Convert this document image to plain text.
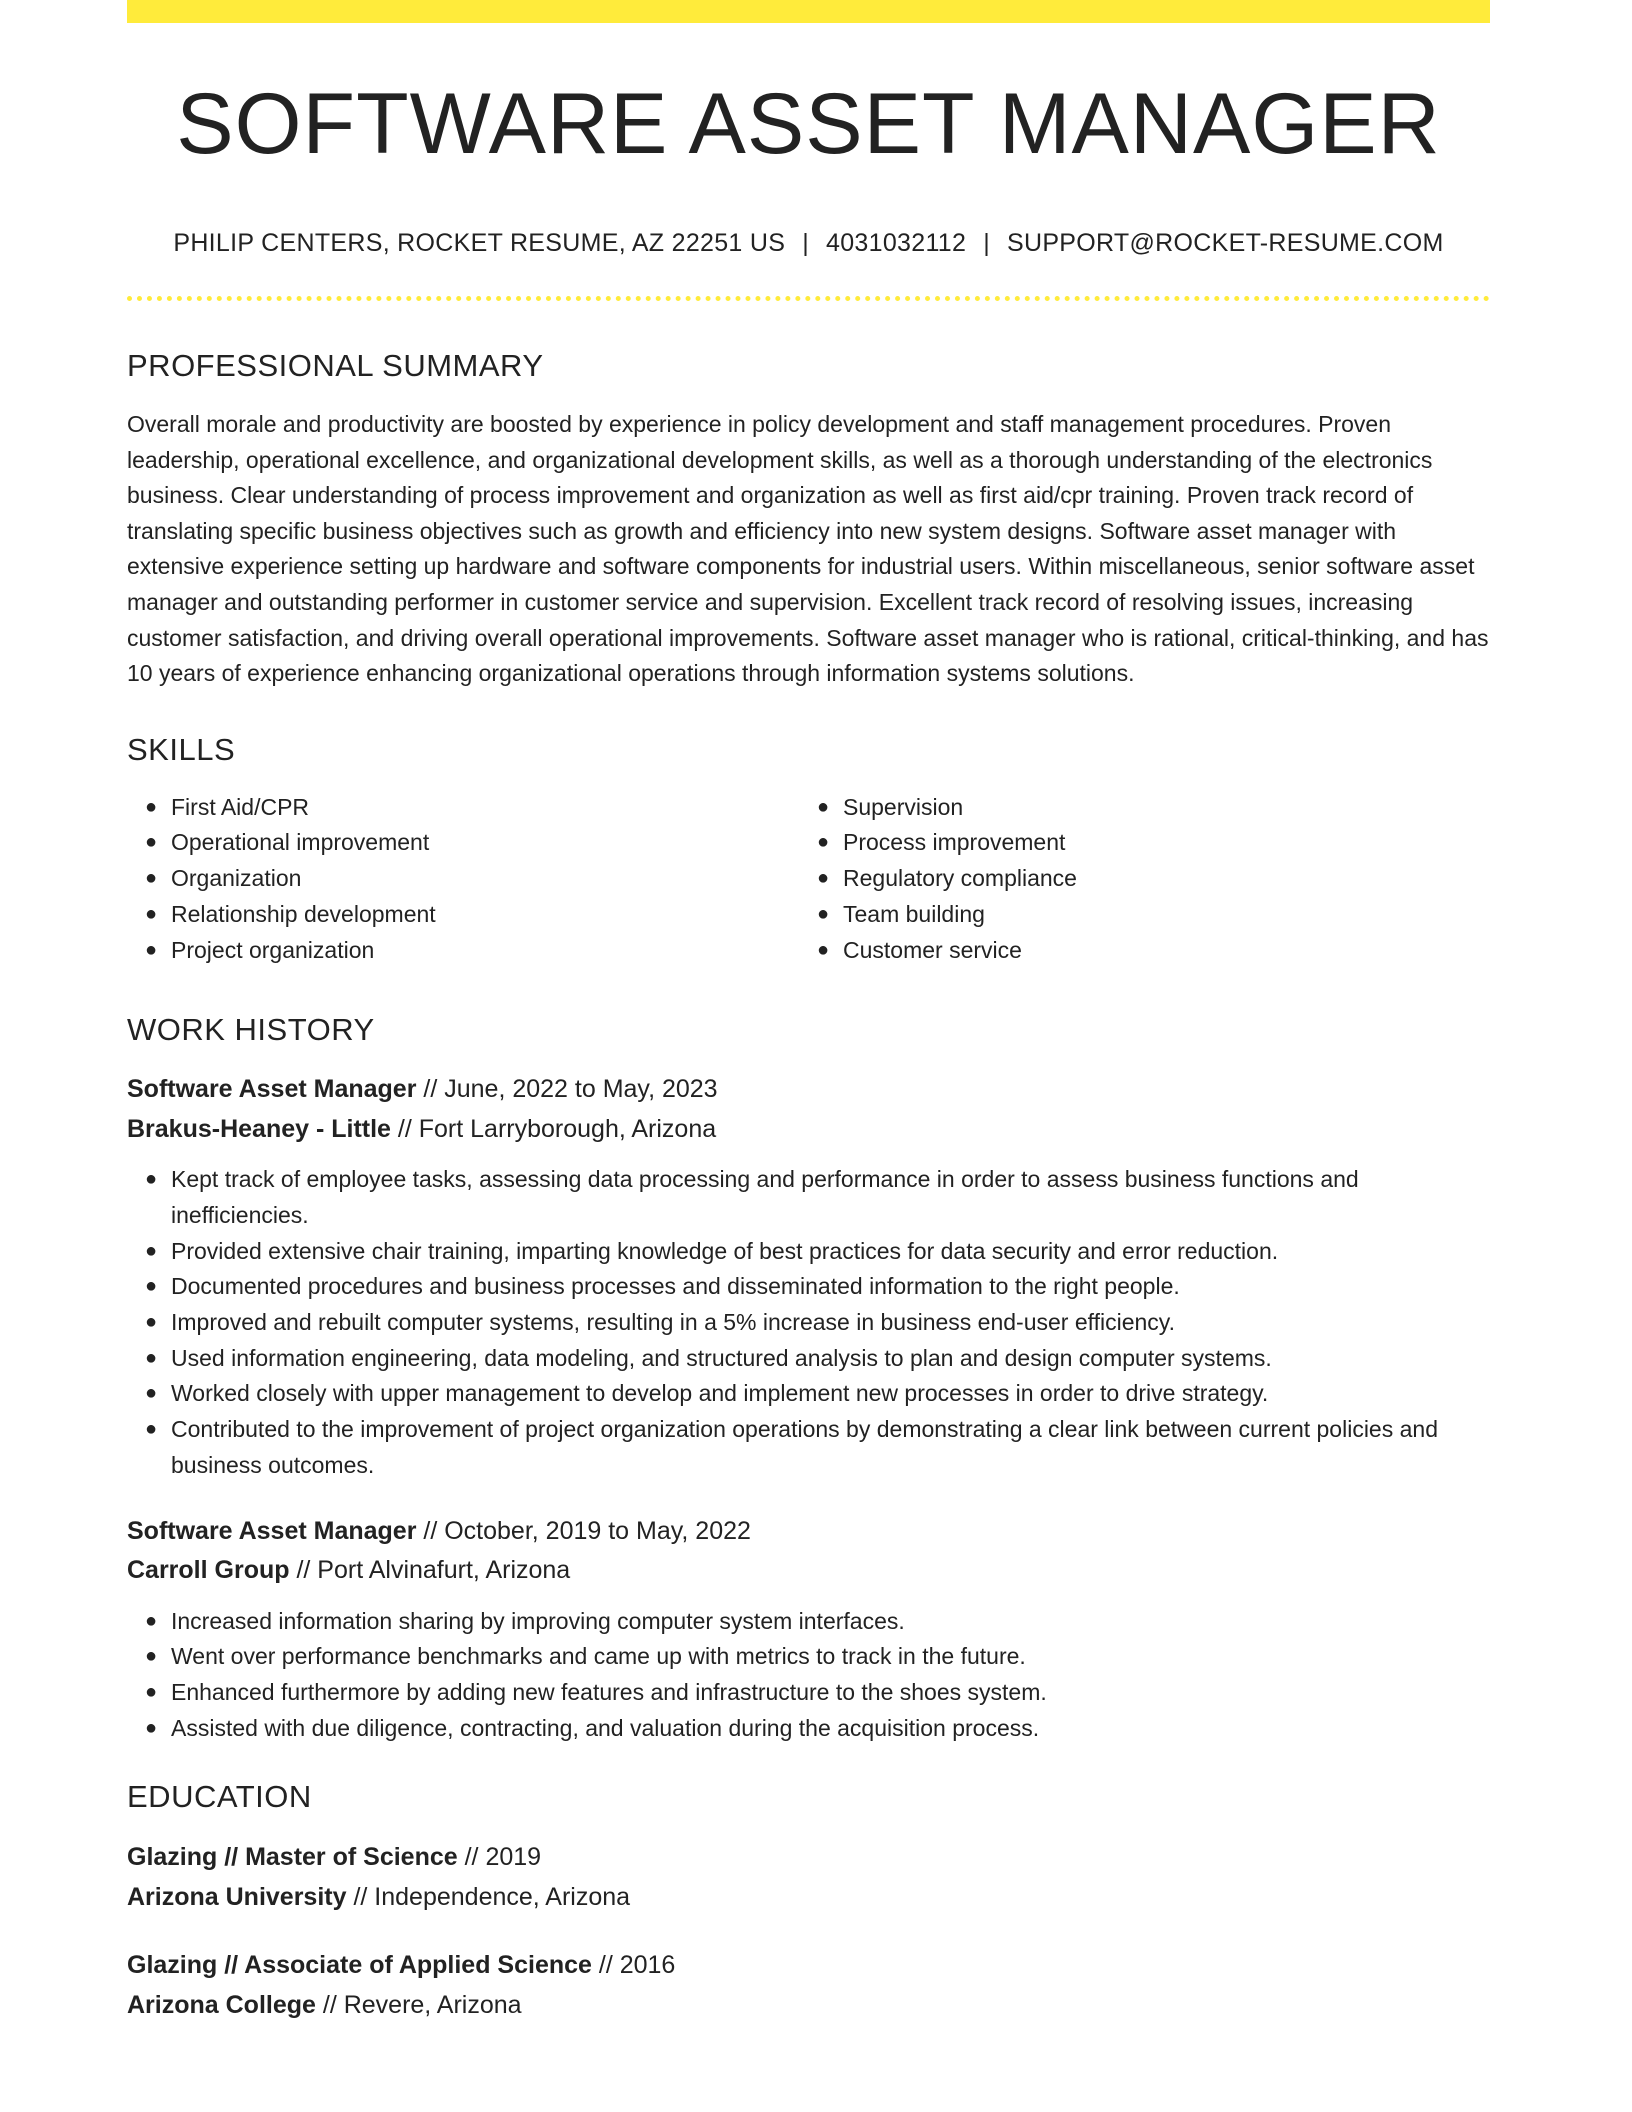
SOFTWARE ASSET MANAGER
PHILIP CENTERS, ROCKET RESUME, AZ 22251 US | 4031032112 | SUPPORT@ROCKET-RESUME.COM
PROFESSIONAL SUMMARY

Overall morale and productivity are boosted by experience in policy development and staff management procedures. Proven leadership, operational excellence, and organizational development skills, as well as a thorough understanding of the electronics business. Clear understanding of process improvement and organization as well as first aid/cpr training. Proven track record of translating specific business objectives such as growth and efficiency into new system designs. Software asset manager with extensive experience setting up hardware and software components for industrial users. Within miscellaneous, senior software asset manager and outstanding performer in customer service and supervision. Excellent track record of resolving issues, increasing customer satisfaction, and driving overall operational improvements. Software asset manager who is rational, critical-thinking, and has 10 years of experience enhancing organizational operations through information systems solutions.

SKILLS
● First Aid/CPR
● Operational improvement
● Organization
● Relationship development
● Project organization
● Supervision
● Process improvement
● Regulatory compliance
● Team building
● Customer service
WORK HISTORY
Software Asset Manager // June, 2022 to May, 2023
Brakus-Heaney - Little // Fort Larryborough, Arizona
● Kept track of employee tasks, assessing data processing and performance in order to assess business functions and inefficiencies.
● Provided extensive chair training, imparting knowledge of best practices for data security and error reduction.
● Documented procedures and business processes and disseminated information to the right people.
● Improved and rebuilt computer systems, resulting in a 5% increase in business end-user efficiency.
● Used information engineering, data modeling, and structured analysis to plan and design computer systems.
● Worked closely with upper management to develop and implement new processes in order to drive strategy.
● Contributed to the improvement of project organization operations by demonstrating a clear link between current policies and business outcomes.
Software Asset Manager // October, 2019 to May, 2022
Carroll Group // Port Alvinafurt, Arizona
● Increased information sharing by improving computer system interfaces.
● Went over performance benchmarks and came up with metrics to track in the future.
● Enhanced furthermore by adding new features and infrastructure to the shoes system.
● Assisted with due diligence, contracting, and valuation during the acquisition process.
EDUCATION
Glazing // Master of Science // 2019
Arizona University // Independence, Arizona
Glazing // Associate of Applied Science // 2016
Arizona College // Revere, Arizona
